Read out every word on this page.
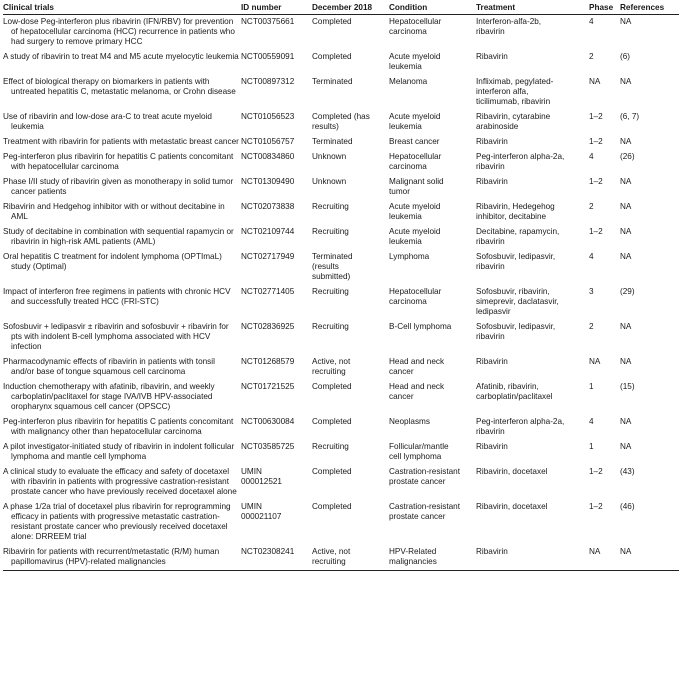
Clinical trials	ID number	December 2018	Condition	Treatment	Phase	References

Low-dose Peg-interferon plus ribavirin (IFN/RBV) for prevention of hepatocellular carcinoma (HCC) recurrence in patients who had surgery to remove primary HCC	NCT00375661	Completed	Hepatocellular
carcinoma	Interferon-alfa-2b,
ribavirin	4	NA

A study of ribavirin to treat M4 and M5 acute myelocytic leukemia	NCT00559091	Completed	Acute myeloid
leukemia	Ribavirin	2	(6)

Effect of biological therapy on biomarkers in patients with untreated hepatitis C, metastatic melanoma, or Crohn disease	NCT00897312	Terminated	Melanoma	Infliximab, pegylated-
interferon alfa,
ticilimumab, ribavirin	NA	NA

Use of ribavirin and low-dose ara-C to treat acute myeloid leukemia	NCT01056523	Completed (has
results)	Acute myeloid
leukemia	Ribavirin, cytarabine
arabinoside	1–2	(6, 7)

Treatment with ribavirin for patients with metastatic breast cancer	NCT01056757	Terminated	Breast cancer	Ribavirin	1–2	NA

Peg-interferon plus ribavirin for hepatitis C patients concomitant with hepatocellular carcinoma	NCT00834860	Unknown	Hepatocellular
carcinoma	Peg-interferon alpha-2a,
ribavirin	4	(26)

Phase I/II study of ribavirin given as monotherapy in solid tumor cancer patients	NCT01309490	Unknown	Malignant solid
tumor	Ribavirin	1–2	NA

Ribavirin and Hedgehog inhibitor with or without decitabine in AML	NCT02073838	Recruiting	Acute myeloid
leukemia	Ribavirin, Hedegehog
inhibitor, decitabine	2	NA

Study of decitabine in combination with sequential rapamycin or ribavirin in high-risk AML patients (AML)	NCT02109744	Recruiting	Acute myeloid
leukemia	Decitabine, rapamycin,
ribavirin	1–2	NA

Oral hepatitis C treatment for indolent lymphoma (OPTImaL) study (Optimal)	NCT02717949	Terminated
(results
submitted)	Lymphoma	Sofosbuvir, ledipasvir,
ribavirin	4	NA

Impact of interferon free regimens in patients with chronic HCV and successfully treated HCC (FRI-STC)	NCT02771405	Recruiting	Hepatocellular
carcinoma	Sofosbuvir, ribavirin,
simeprevir, daclatasvir,
ledipasvir	3	(29)

Sofosbuvir + ledipasvir ± ribavirin and sofosbuvir + ribavirin for pts with indolent B-cell lymphoma associated with HCV infection	NCT02836925	Recruiting	B-Cell lymphoma	Sofosbuvir, ledipasvir,
ribavirin	2	NA

Pharmacodynamic effects of ribavirin in patients with tonsil and/or base of tongue squamous cell carcinoma	NCT01268579	Active, not
recruiting	Head and neck
cancer	Ribavirin	NA	NA

Induction chemotherapy with afatinib, ribavirin, and weekly carboplatin/paclitaxel for stage IVA/IVB HPV-associated oropharynx squamous cell cancer (OPSCC)	NCT01721525	Completed	Head and neck
cancer	Afatinib, ribavirin,
carboplatin/paclitaxel	1	(15)

Peg-interferon plus ribavirin for hepatitis C patients concomitant with malignancy other than hepatocellular carcinoma	NCT00630084	Completed	Neoplasms	Peg-interferon alpha-2a,
ribavirin	4	NA

A pilot investigator-initiated study of ribavirin in indolent follicular lymphoma and mantle cell lymphoma	NCT03585725	Recruiting	Follicular/mantle
cell lymphoma	Ribavirin	1	NA

A clinical study to evaluate the efficacy and safety of docetaxel with ribavirin in patients with progressive castration-resistant prostate cancer who have previously received docetaxel alone	UMIN
000012521	Completed	Castration-resistant
prostate cancer	Ribavirin, docetaxel	1–2	(43)

A phase 1/2a trial of docetaxel plus ribavirin for reprogramming efficacy in patients with progressive metastatic castration-resistant prostate cancer who previously received docetaxel alone: DRREEM trial	UMIN
000021107	Completed	Castration-resistant
prostate cancer	Ribavirin, docetaxel	1–2	(46)

Ribavirin for patients with recurrent/metastatic (R/M) human papillomavirus (HPV)-related malignancies	NCT02308241	Active, not
recruiting	HPV-Related
malignancies	Ribavirin	NA	NA
